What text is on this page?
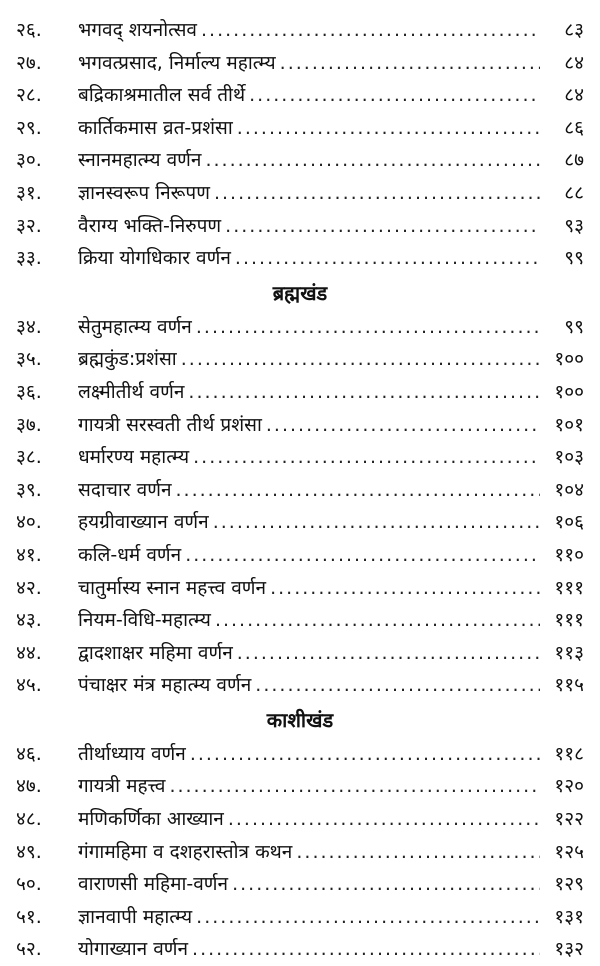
२६.	भगवद् शयनोत्सव .....	८३
२७.	भगवत्प्रसाद, निर्माल्य महात्म्य .....	८४
२८.	बद्रिकाश्रमातील सर्व तीर्थे .....	८४
२९.	कार्तिकमास व्रत-प्रशंसा .....	८६
३०.	स्नानमहात्म्य वर्णन .....	८७
३१.	ज्ञानस्वरूप निरूपण .....	८८
३२.	वैराग्य भक्ति-निरुपण .....	९३
३३.	क्रिया योगधिकार वर्णन .....	९९
ब्रह्मखंड
३४.	सेतुमहात्म्य वर्णन .....	९९
३५.	ब्रह्मकुंड:प्रशंसा .....	१००
३६.	लक्ष्मीतीर्थ वर्णन .....	१००
३७.	गायत्री सरस्वती तीर्थ प्रशंसा .....	१०१
३८.	धर्मारण्य महात्म्य .....	१०३
३९.	सदाचार वर्णन .....	१०४
४०.	हयग्रीवाख्यान वर्णन .....	१०६
४१.	कलि-धर्म वर्णन .....	११०
४२.	चातुर्मास्य स्नान महत्त्व वर्णन .....	१११
४३.	नियम-विधि-महात्म्य .....	१११
४४.	द्वादशाक्षर महिमा वर्णन .....	११३
४५.	पंचाक्षर मंत्र महात्म्य वर्णन .....	११५
काशीखंड
४६.	तीर्थाध्याय वर्णन .....	११८
४७.	गायत्री महत्त्व .....	१२०
४८.	मणिकर्णिका आख्यान .....	१२२
४९.	गंगामहिमा व दशहरास्तोत्र कथन .....	१२५
५०.	वाराणसी महिमा-वर्णन .....	१२९
५१.	ज्ञानवापी महात्म्य .....	१३१
५२.	योगाख्यान वर्णन .....	१३२
